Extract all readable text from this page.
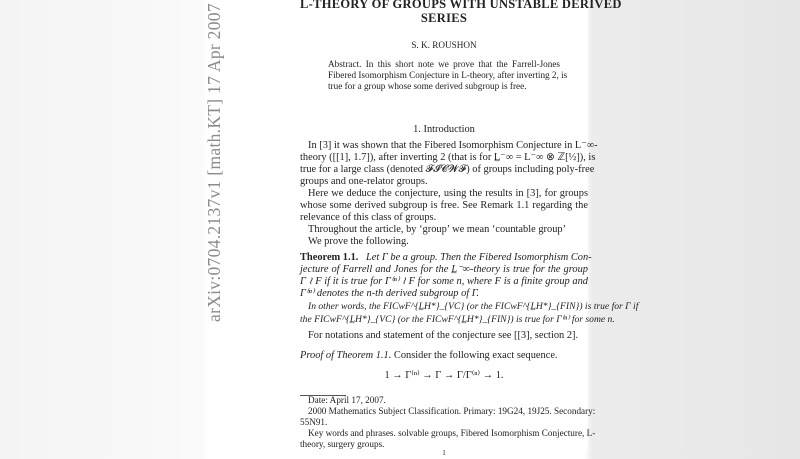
arXiv:0704.2137v1 [math.KT] 17 Apr 2007	L-THEORY OF GROUPS WITH UNSTABLE DERIVED
SERIES
S. K. ROUSHON
Abstract. In this short note we prove that the Farrell-Jones
Fibered Isomorphism Conjecture in L-theory, after inverting 2, is
true for a group whose some derived subgroup is free.
1. Introduction
In [3] it was shown that the Fibered Isomorphism Conjecture in L⁻∞-
theory ([[1], 1.7]), after inverting 2 (that is for L̲⁻∞ = L⁻∞ ⊗ ℤ[½]), is
true for a large class (denoted 𝓕𝓘𝓒𝓦𝓕) of groups including poly-free
groups and one-relator groups.
Here we deduce the conjecture, using the results in [3], for groups
whose some derived subgroup is free. See Remark 1.1 regarding the
relevance of this class of groups.
Throughout the article, by ‘group’ we mean ‘countable group’
We prove the following.
Theorem 1.1. Let Γ be a group. Then the Fibered Isomorphism Con-
jecture of Farrell and Jones for the L̲⁻∞-theory is true for the group
Γ ≀ F if it is true for Γ⁽ⁿ⁾ ≀ F for some n, where F is a finite group and
Γ⁽ⁿ⁾ denotes the n-th derived subgroup of Γ.
In other words, the FICwF^{L̲H*}_{VC} (or the FICwF^{L̲H*}_{FIN}) is true for Γ if
the FICwF^{L̲H*}_{VC} (or the FICwF^{L̲H*}_{FIN}) is true for Γ⁽ⁿ⁾ for some n.
For notations and statement of the conjecture see [[3], section 2].
Proof of Theorem 1.1. Consider the following exact sequence.
1 → Γ⁽ⁿ⁾ → Γ → Γ/Γ⁽ⁿ⁾ → 1.
Date: April 17, 2007.
2000 Mathematics Subject Classification. Primary: 19G24, 19J25. Secondary:
55N91.
Key words and phrases. solvable groups, Fibered Isomorphism Conjecture, L-
theory, surgery groups.
1
